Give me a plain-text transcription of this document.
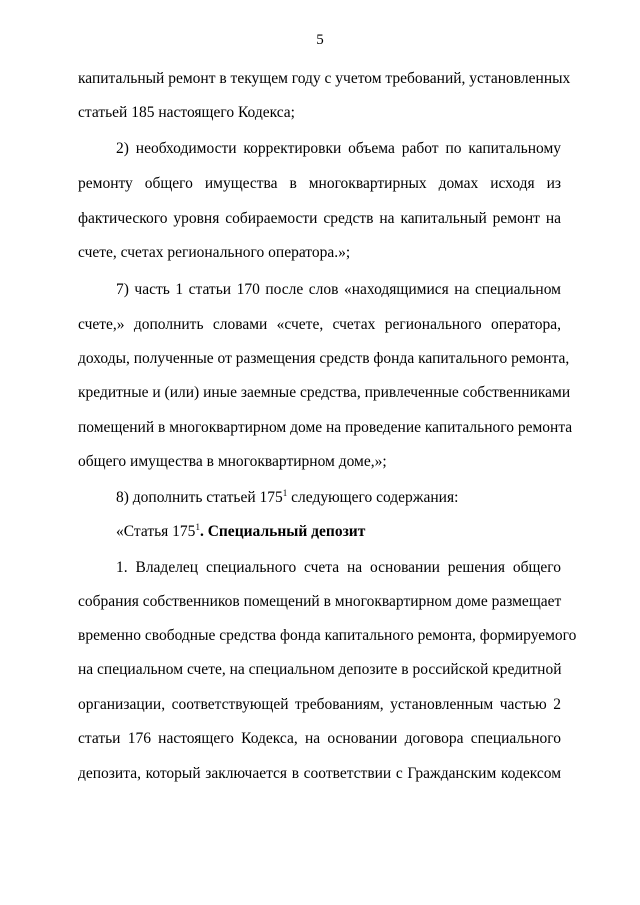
5
капитальный ремонт в текущем году с учетом требований, установленных
статьей 185 настоящего Кодекса;
2) необходимости корректировки объема работ по капитальному
ремонту общего имущества в многоквартирных домах исходя из
фактического уровня собираемости средств на капитальный ремонт на
счете, счетах регионального оператора.»;
7) часть 1 статьи 170 после слов «находящимися на специальном
счете,» дополнить словами «счете, счетах регионального оператора,
доходы, полученные от размещения средств фонда капитального ремонта,
кредитные и (или) иные заемные средства, привлеченные собственниками
помещений в многоквартирном доме на проведение капитального ремонта
общего имущества в многоквартирном доме,»;
8) дополнить статьей $175^1$ следующего содержания:
«Статья $175^1$. Специальный депозит
1. Владелец специального счета на основании решения общего
собрания собственников помещений в многоквартирном доме размещает
временно свободные средства фонда капитального ремонта, формируемого
на специальном счете, на специальном депозите в российской кредитной
организации, соответствующей требованиям, установленным частью 2
статьи 176 настоящего Кодекса, на основании договора специального
депозита, который заключается в соответствии с Гражданским кодексом
